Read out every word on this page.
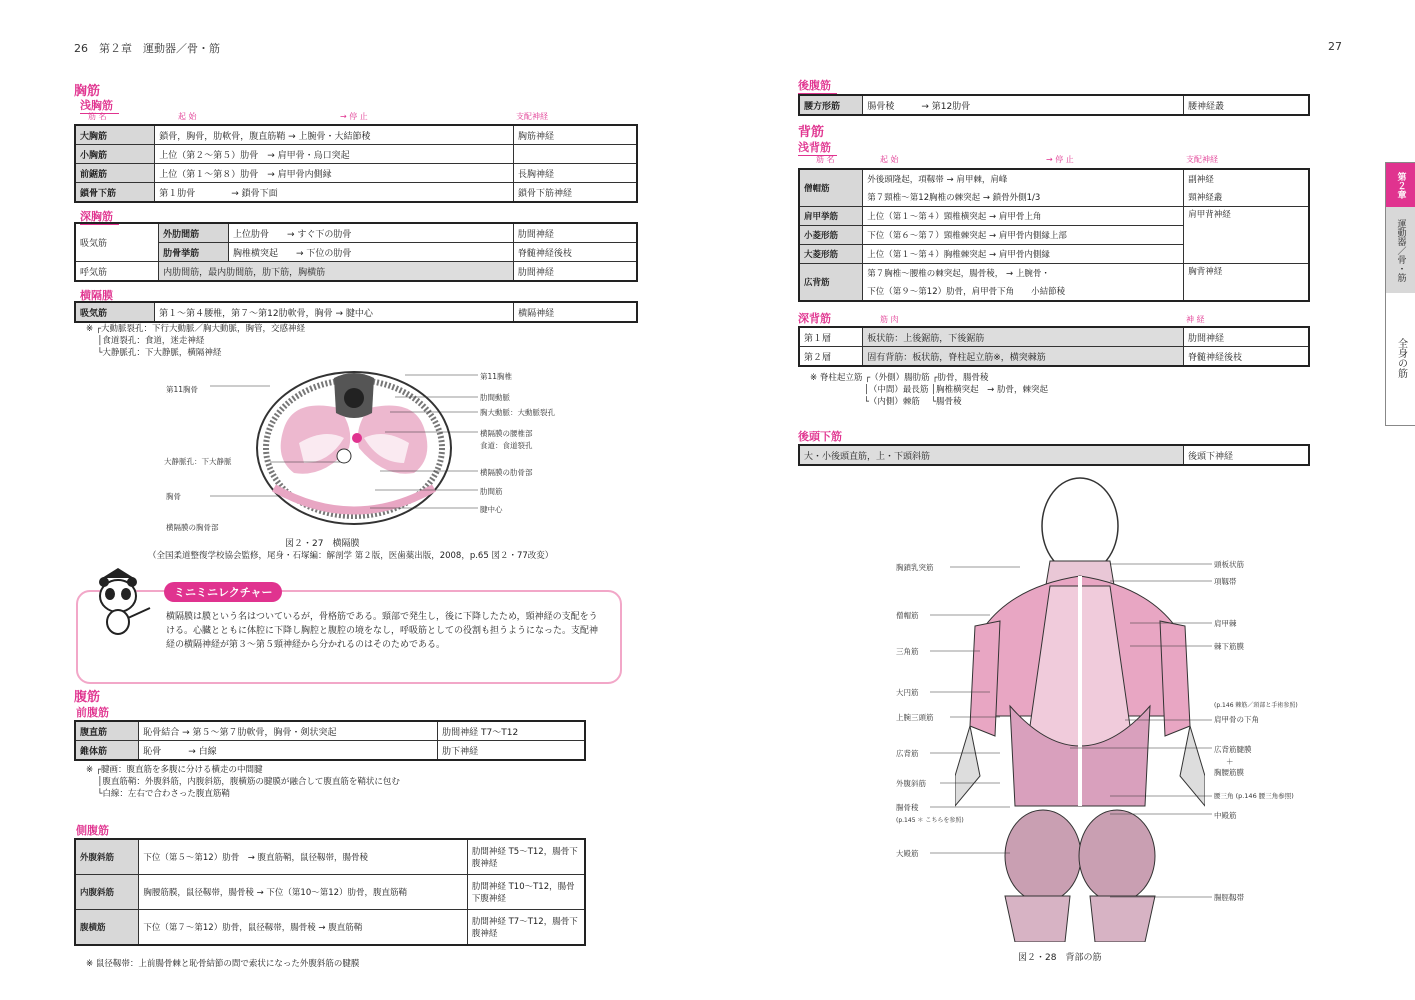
26　第２章　運動器／骨・筋
胸筋
浅胸筋
筋 名	起 始	→ 停 止	支配神経
大胸筋	鎖骨，胸骨，肋軟骨，腹直筋鞘 → 上腕骨・大結節稜	胸筋神経
小胸筋	上位（第２～第５）肋骨　→ 肩甲骨・烏口突起	
前鋸筋	上位（第１～第８）肋骨　→ 肩甲骨内側縁	長胸神経
鎖骨下筋	第１肋骨　　　　→ 鎖骨下面	鎖骨下筋神経
深胸筋
吸気筋	外肋間筋	上位肋骨　　→ すぐ下の肋骨	肋間神経
	肋骨挙筋	胸椎横突起　　→ 下位の肋骨	脊髄神経後枝
呼気筋	内肋間筋，最内肋間筋，肋下筋，胸横筋		肋間神経
横隔膜
吸気筋	第１～第４腰椎，第７～第12肋軟骨，胸骨 → 腱中心	横隔神経
※ ┌大動脈裂孔：下行大動脈／胸大動脈，胸管，交感神経
　 │食道裂孔：食道，迷走神経
　 └大静脈孔：下大静脈，横隔神経
第11胸骨
大静脈孔：下大静脈
胸骨
横隔膜の胸骨部
第11胸椎
肋間動脈
胸大動脈：大動脈裂孔
横隔膜の腰椎部
食道：食道裂孔
横隔膜の肋骨部
肋間筋
腱中心
図２・27　横隔膜
（全国柔道整復学校協会監修，尾身・石塚編：解剖学 第２版，医歯薬出版，2008，p.65 図２・77改変）
ミニミニレクチャー
横隔膜は膜という名はついているが，骨格筋である。頸部で発生し，後に下降したため，頸神経の支配をうける。心臓とともに体腔に下降し胸腔と腹腔の境をなし，呼吸筋としての役割も担うようになった。支配神経の横隔神経が第３～第５頸神経から分かれるのはそのためである。
腹筋
前腹筋
腹直筋	恥骨結合 → 第５～第７肋軟骨，胸骨・剣状突起	肋間神経 T7～T12
錐体筋	恥骨　　　→ 白線	肋下神経
※ ┌腱画：腹直筋を多腹に分ける横走の中間腱
　 │腹直筋鞘：外腹斜筋，内腹斜筋，腹横筋の腱膜が融合して腹直筋を鞘状に包む
　 └白線：左右で合わさった腹直筋鞘
側腹筋
外腹斜筋	下位（第５～第12）肋骨　→ 腹直筋鞘，鼠径靱帯，腸骨稜	肋間神経 T5～T12，腸骨下腹神経
内腹斜筋	胸腰筋膜，鼠径靱帯，腸骨稜 → 下位（第10～第12）肋骨，腹直筋鞘	肋間神経 T10～T12，腸骨下腹神経
腹横筋	下位（第７～第12）肋骨，鼠径靱帯，腸骨稜 → 腹直筋鞘	肋間神経 T7～T12，腸骨下腹神経
※ 鼠径靱帯：上前腸骨棘と恥骨結節の間で索状になった外腹斜筋の腱膜
27
後腹筋
腰方形筋	腸骨稜　　　→ 第12肋骨	腰神経叢
背筋
浅背筋
筋 名	起 始	→ 停 止	支配神経
僧帽筋	外後頭隆起，項靱帯 → 肩甲棘，肩峰	副神経
	第７頸椎～第12胸椎の棘突起 → 鎖骨外側1/3	頸神経叢
肩甲挙筋	上位（第１～第４）頸椎横突起 → 肩甲骨上角	肩甲背神経
小菱形筋	下位（第６～第７）頸椎棘突起 → 肩甲骨内側縁上部	
大菱形筋	上位（第１～第４）胸椎棘突起 → 肩甲骨内側縁	
広背筋	第７胸椎～腰椎の棘突起，腸骨稜， → 上腕骨・	胸背神経
	下位（第９～第12）肋骨，肩甲骨下角　　小結節稜	
深背筋	筋 肉	神 経
第１層	板状筋：上後鋸筋，下後鋸筋	肋間神経
第２層	固有背筋：板状筋，脊柱起立筋※，横突棘筋	脊髄神経後枝
※ 脊柱起立筋 ┌（外側）腸肋筋 ┌肋骨，腸骨稜
　　　　　　 │（中間）最長筋 │胸椎横突起　→ 肋骨，棘突起
　　　　　　 └（内側）棘筋　 └腸骨稜
後頭下筋
大・小後頭直筋，上・下頭斜筋	後頭下神経
胸鎖乳突筋
僧帽筋
三角筋
大円筋
上腕三頭筋
広背筋
外腹斜筋
腸骨稜
(p.145 ＊ こちらを参照)
大殿筋
頭板状筋
項靱帯
肩甲棘
棘下筋膜
(p.146 棘筋／頸部と手術参照)
肩甲骨の下角
広背筋腱膜
＋
胸腰筋膜
腰三角 (p.146 腰三角参照)
中殿筋
腸脛靱帯
図２・28　背部の筋
第２章
運動器／骨・筋
全身の筋
